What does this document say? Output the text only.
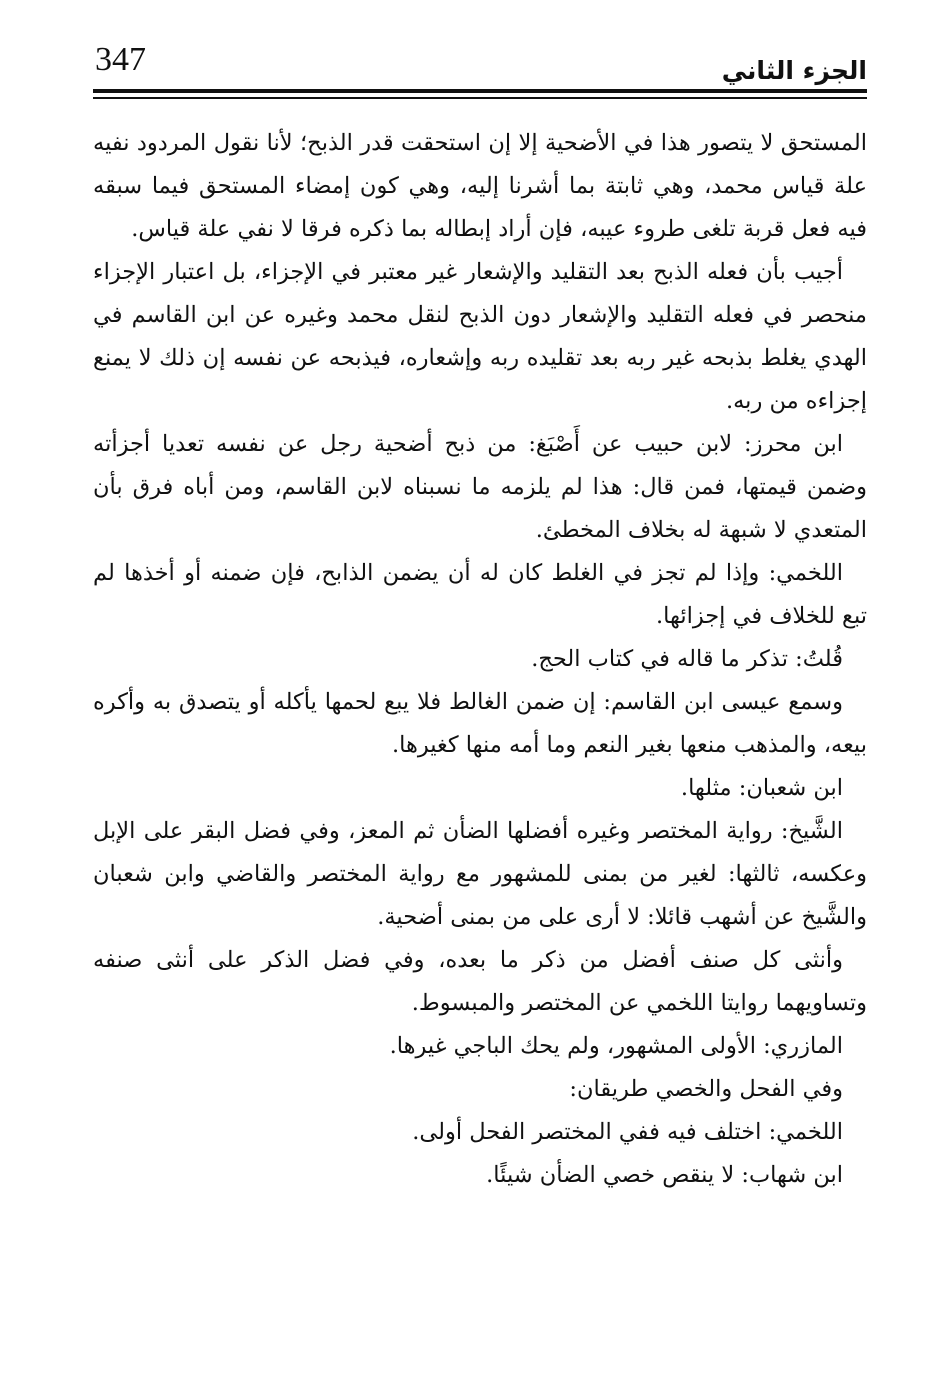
347	الجزء الثاني

المستحق لا يتصور هذا في الأضحية إلا إن استحقت قدر الذبح؛ لأنا نقول المردود نفيه علة قياس محمد، وهي ثابتة بما أشرنا إليه، وهي كون إمضاء المستحق فيما سبقه فيه فعل قربة تلغى طروء عيبه، فإن أراد إبطاله بما ذكره فرقا لا نفي علة قياس.

أجيب بأن فعله الذبح بعد التقليد والإشعار غير معتبر في الإجزاء، بل اعتبار الإجزاء منحصر في فعله التقليد والإشعار دون الذبح لنقل محمد وغيره عن ابن القاسم في الهدي يغلط بذبحه غير ربه بعد تقليده ربه وإشعاره، فيذبحه عن نفسه إن ذلك لا يمنع إجزاءه من ربه.

ابن محرز: لابن حبيب عن أَصْبَغ: من ذبح أضحية رجل عن نفسه تعديا أجزأته وضمن قيمتها، فمن قال: هذا لم يلزمه ما نسبناه لابن القاسم، ومن أباه فرق بأن المتعدي لا شبهة له بخلاف المخطئ.

اللخمي: وإذا لم تجز في الغلط كان له أن يضمن الذابح، فإن ضمنه أو أخذها لم تبع للخلاف في إجزائها.

قُلتُ: تذكر ما قاله في كتاب الحج.

وسمع عيسى ابن القاسم: إن ضمن الغالط فلا يبع لحمها يأكله أو يتصدق به وأكره بيعه، والمذهب منعها بغير النعم وما أمه منها كغيرها.

ابن شعبان: مثلها.

الشَّيخ: رواية المختصر وغيره أفضلها الضأن ثم المعز، وفي فضل البقر على الإبل وعكسه، ثالثها: لغير من بمنى للمشهور مع رواية المختصر والقاضي وابن شعبان والشَّيخ عن أشهب قائلا: لا أرى على من بمنى أضحية.

وأنثى كل صنف أفضل من ذكر ما بعده، وفي فضل الذكر على أنثى صنفه وتساويهما روايتا اللخمي عن المختصر والمبسوط.

المازري: الأولى المشهور، ولم يحك الباجي غيرها.

وفي الفحل والخصي طريقان:

اللخمي: اختلف فيه ففي المختصر الفحل أولى.

ابن شهاب: لا ينقص خصي الضأن شيئًا.
